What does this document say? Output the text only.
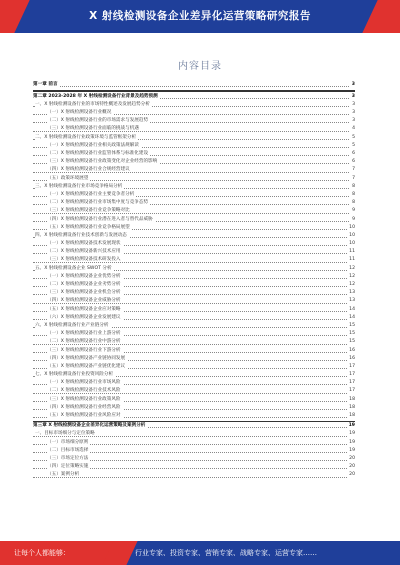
X 射线检测设备企业差异化运营策略研究报告
内容目录
第一章 前言	3
第二章 2023-2028 年 X 射线检测设备行业背景及趋势预测	3
一、X 射线检测设备行业的市场特性概述及发展趋势分析	3
（一）X 射线检测设备行业概况	3
（二）X 射线检测设备行业的市场需求与发展趋势	3
（三）X 射线检测设备行业面临的挑战与机遇	4
二、X 射线检测设备行业政策环境与监管框架分析	5
（一）X 射线检测设备行业相关政策法规解读	5
（二）X 射线检测设备行业监管体系与标准化建设	6
（三）X 射线检测设备行业政策变化对企业经营的影响	6
（四）X 射线检测设备行业合规经营建议	7
（五）政策环境展望	7
三、X 射线检测设备行业市场竞争格局分析	8
（一）X 射线检测设备行业主要竞争者分析	8
（二）X 射线检测设备行业市场集中度与竞争态势	8
（三）X 射线检测设备行业竞争策略对比	9
（四）X 射线检测设备行业潜在进入者与替代品威胁	9
（五）X 射线检测设备行业竞争格局展望	10
四、X 射线检测设备行业技术创新与发展动态	10
（一）X 射线检测设备技术发展现状	10
（二）X 射线检测设备新兴技术应用	11
（三）X 射线检测设备技术研发投入	11
五、X 射线检测设备企业 SWOT 分析	12
（一）X 射线检测设备企业优势分析	12
（二）X 射线检测设备企业劣势分析	12
（三）X 射线检测设备企业机会分析	13
（四）X 射线检测设备企业威胁分析	13
（五）X 射线检测设备企业应对策略	14
（六）X 射线检测设备企业发展建议	14
六、X 射线检测设备行业产业链分析	15
（一）X 射线检测设备行业上游分析	15
（二）X 射线检测设备行业中游分析	15
（三）X 射线检测设备行业下游分析	16
（四）X 射线检测设备产业链协同发展	16
（五）X 射线检测设备产业链优化建议	17
七、X 射线检测设备行业投资风险分析	17
（一）X 射线检测设备行业市场风险	17
（二）X 射线检测设备行业技术风险	17
（三）X 射线检测设备行业政策风险	18
（四）X 射线检测设备行业经营风险	18
（五）X 射线检测设备行业风险应对	18
第三章 X 射线检测设备企业差异化运营策略及案例分析	19
一、目标市场细分与定位策略	19
（一）市场细分原则	19
（二）目标市场选择	19
（三）市场定位方法	20
（四）定位策略实施	20
（五）案例分析	20
让每个人都能够：	行业专家、投资专家、营销专家、战略专家、运营专家……
